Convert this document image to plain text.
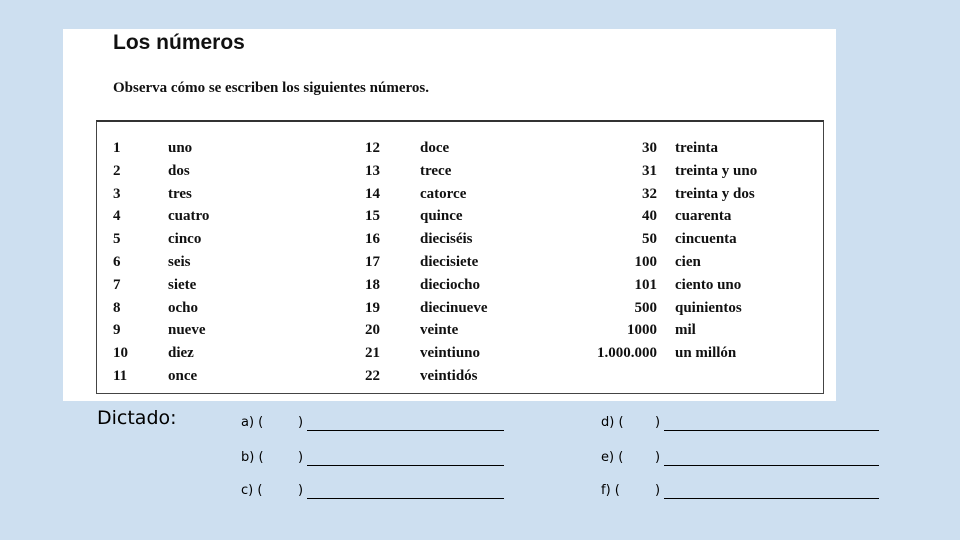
Los números
Observa cómo se escriben los siguientes números.
1	uno
2	dos
3	tres
4	cuatro
5	cinco
6	seis
7	siete
8	ocho
9	nueve
10	diez
11	once
12	doce
13	trece
14	catorce
15	quince
16	dieciséis
17	diecisiete
18	dieciocho
19	diecinueve
20	veinte
21	veintiuno
22	veintidós
30 treinta
31 treinta y uno
32 treinta y dos
40 cuarenta
50 cincuenta
100 cien
101 ciento uno
500 quinientos
1000 mil
1.000.000 un millón
Dictado:	a) (	)
b) (	)
c) (	)
d) ( )
e) ( )
f) (	)
